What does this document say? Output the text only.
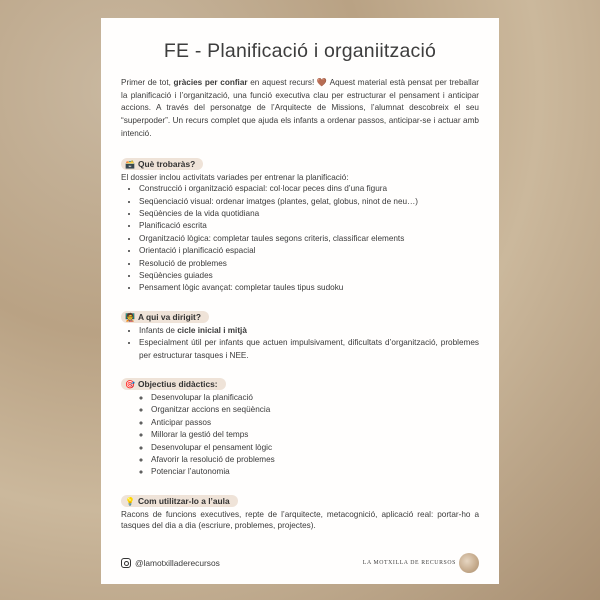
FE - Planificació i organiització

Primer de tot, gràcies per confiar en aquest recurs! 🤎 Aquest material està pensat per treballar la planificació i l’organització, una funció executiva clau per estructurar el pensament i anticipar accions. A través del personatge de l’Arquitecte de Missions, l’alumnat descobreix el seu “superpoder”. Un recurs complet que ajuda els infants a ordenar passos, anticipar-se i actuar amb intenció.

🗃️ Què trobaràs?

El dossier inclou activitats variades per entrenar la planificació:

• Construcció i organització espacial: col·locar peces dins d’una figura
• Seqüenciació visual: ordenar imatges (plantes, gelat, globus, ninot de neu…)
• Seqüències de la vida quotidiana
• Planificació escrita
• Organització lògica: completar taules segons criteris, classificar elements
• Orientació i planificació espacial
• Resolució de problemes
• Seqüències guiades
• Pensament lògic avançat: completar taules tipus sudoku
🧑‍🏫 A qui va dirigit?
• Infants de cicle inicial i mitjà
• Especialment útil per infants que actuen impulsivament, dificultats d’organització, problemes per estructurar tasques i NEE.
🎯 Objectius didàctics:
◦ Desenvolupar la planificació
◦ Organitzar accions en seqüència
◦ Anticipar passos
◦ Millorar la gestió del temps
◦ Desenvolupar el pensament lògic
◦ Afavorir la resolució de problemes
◦ Potenciar l’autonomia
💡 Com utilitzar-lo a l’aula

Racons de funcions executives, repte de l’arquitecte, metacognició, aplicació real: portar-ho a tasques del dia a dia (escriure, problemes, projectes).

@lamotxilladerecursos	LA MOTXILLA DE RECURSOS
